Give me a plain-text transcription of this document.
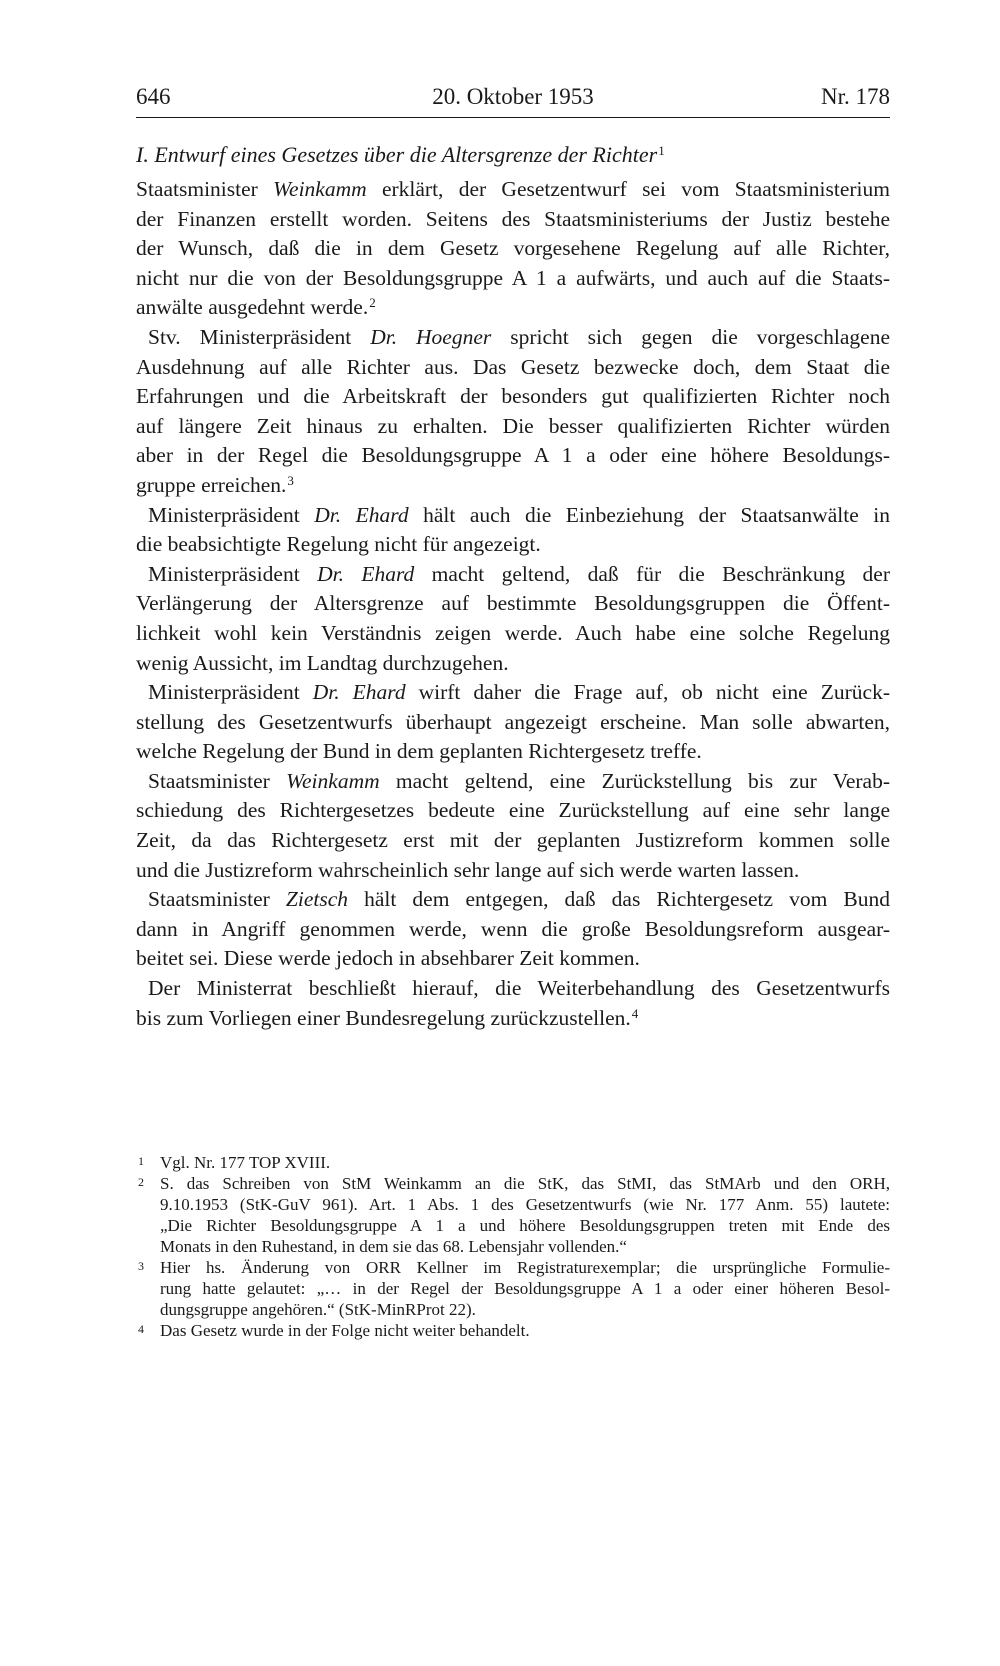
646	20. Oktober 1953	Nr. 178
I. Entwurf eines Gesetzes über die Altersgrenze der Richter$^1$
Staatsminister Weinkamm erklärt, der Gesetzentwurf sei vom Staatsministerium
der Finanzen erstellt worden. Seitens des Staatsministeriums der Justiz bestehe
der Wunsch, daß die in dem Gesetz vorgesehene Regelung auf alle Richter,
nicht nur die von der Besoldungsgruppe A 1 a aufwärts, und auch auf die Staats-
anwälte ausgedehnt werde.$^2$
Stv. Ministerpräsident Dr. Hoegner spricht sich gegen die vorgeschlagene
Ausdehnung auf alle Richter aus. Das Gesetz bezwecke doch, dem Staat die
Erfahrungen und die Arbeitskraft der besonders gut qualifizierten Richter noch
auf längere Zeit hinaus zu erhalten. Die besser qualifizierten Richter würden
aber in der Regel die Besoldungsgruppe A 1 a oder eine höhere Besoldungs-
gruppe erreichen.$^3$
Ministerpräsident Dr. Ehard hält auch die Einbeziehung der Staatsanwälte in
die beabsichtigte Regelung nicht für angezeigt.
Ministerpräsident Dr. Ehard macht geltend, daß für die Beschränkung der
Verlängerung der Altersgrenze auf bestimmte Besoldungsgruppen die Öffent-
lichkeit wohl kein Verständnis zeigen werde. Auch habe eine solche Regelung
wenig Aussicht, im Landtag durchzugehen.
Ministerpräsident Dr. Ehard wirft daher die Frage auf, ob nicht eine Zurück-
stellung des Gesetzentwurfs überhaupt angezeigt erscheine. Man solle abwarten,
welche Regelung der Bund in dem geplanten Richtergesetz treffe.
Staatsminister Weinkamm macht geltend, eine Zurückstellung bis zur Verab-
schiedung des Richtergesetzes bedeute eine Zurückstellung auf eine sehr lange
Zeit, da das Richtergesetz erst mit der geplanten Justizreform kommen solle
und die Justizreform wahrscheinlich sehr lange auf sich werde warten lassen.
Staatsminister Zietsch hält dem entgegen, daß das Richtergesetz vom Bund
dann in Angriff genommen werde, wenn die große Besoldungsreform ausgear-
beitet sei. Diese werde jedoch in absehbarer Zeit kommen.
Der Ministerrat beschließt hierauf, die Weiterbehandlung des Gesetzentwurfs
bis zum Vorliegen einer Bundesregelung zurückzustellen.$^4$
1 Vgl. Nr. 177 TOP XVIII.
2 S. das Schreiben von StM Weinkamm an die StK, das StMI, das StMArb und den ORH,
9.10.1953 (StK-GuV 961). Art. 1 Abs. 1 des Gesetzentwurfs (wie Nr. 177 Anm. 55) lautete:
„Die Richter Besoldungsgruppe A 1 a und höhere Besoldungsgruppen treten mit Ende des
Monats in den Ruhestand, in dem sie das 68. Lebensjahr vollenden.“
3 Hier hs. Änderung von ORR Kellner im Registraturexemplar; die ursprüngliche Formulie-
rung hatte gelautet: „… in der Regel der Besoldungsgruppe A 1 a oder einer höheren Besol-
dungsgruppe angehören.“ (StK-MinRProt 22).
4 Das Gesetz wurde in der Folge nicht weiter behandelt.
